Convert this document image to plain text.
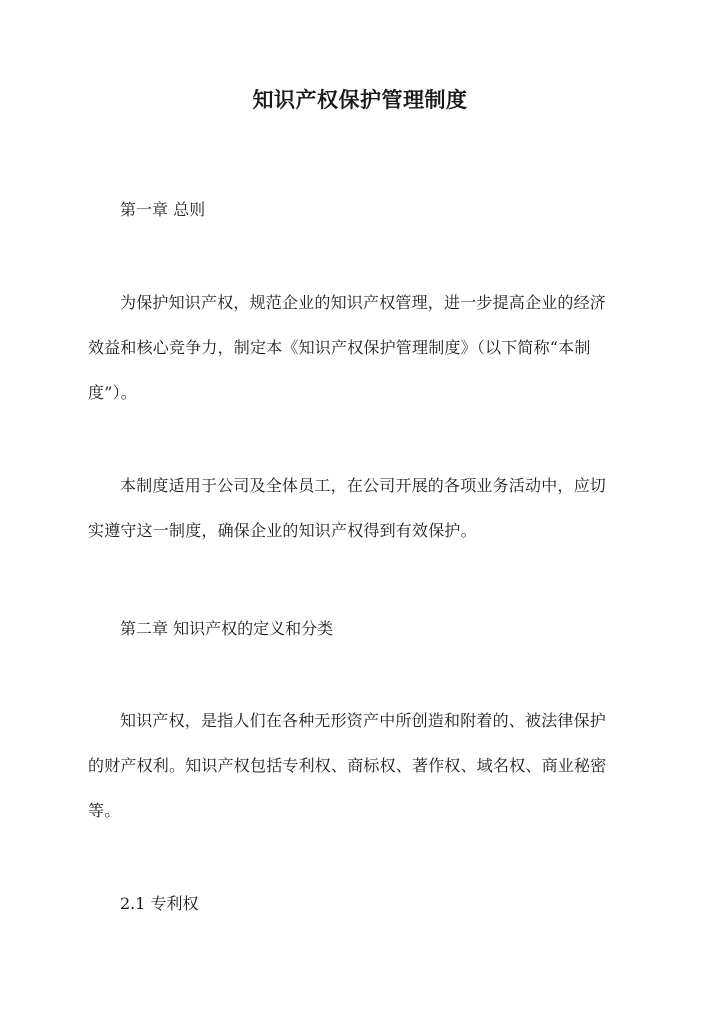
知识产权保护管理制度
第一章 总则
为保护知识产权，规范企业的知识产权管理，进一步提高企业的经济
效益和核心竞争力，制定本《知识产权保护管理制度》（以下简称“本制
度”）。
本制度适用于公司及全体员工，在公司开展的各项业务活动中，应切
实遵守这一制度，确保企业的知识产权得到有效保护。
第二章 知识产权的定义和分类
知识产权，是指人们在各种无形资产中所创造和附着的、被法律保护
的财产权利。知识产权包括专利权、商标权、著作权、域名权、商业秘密
等。
2.1 专利权
